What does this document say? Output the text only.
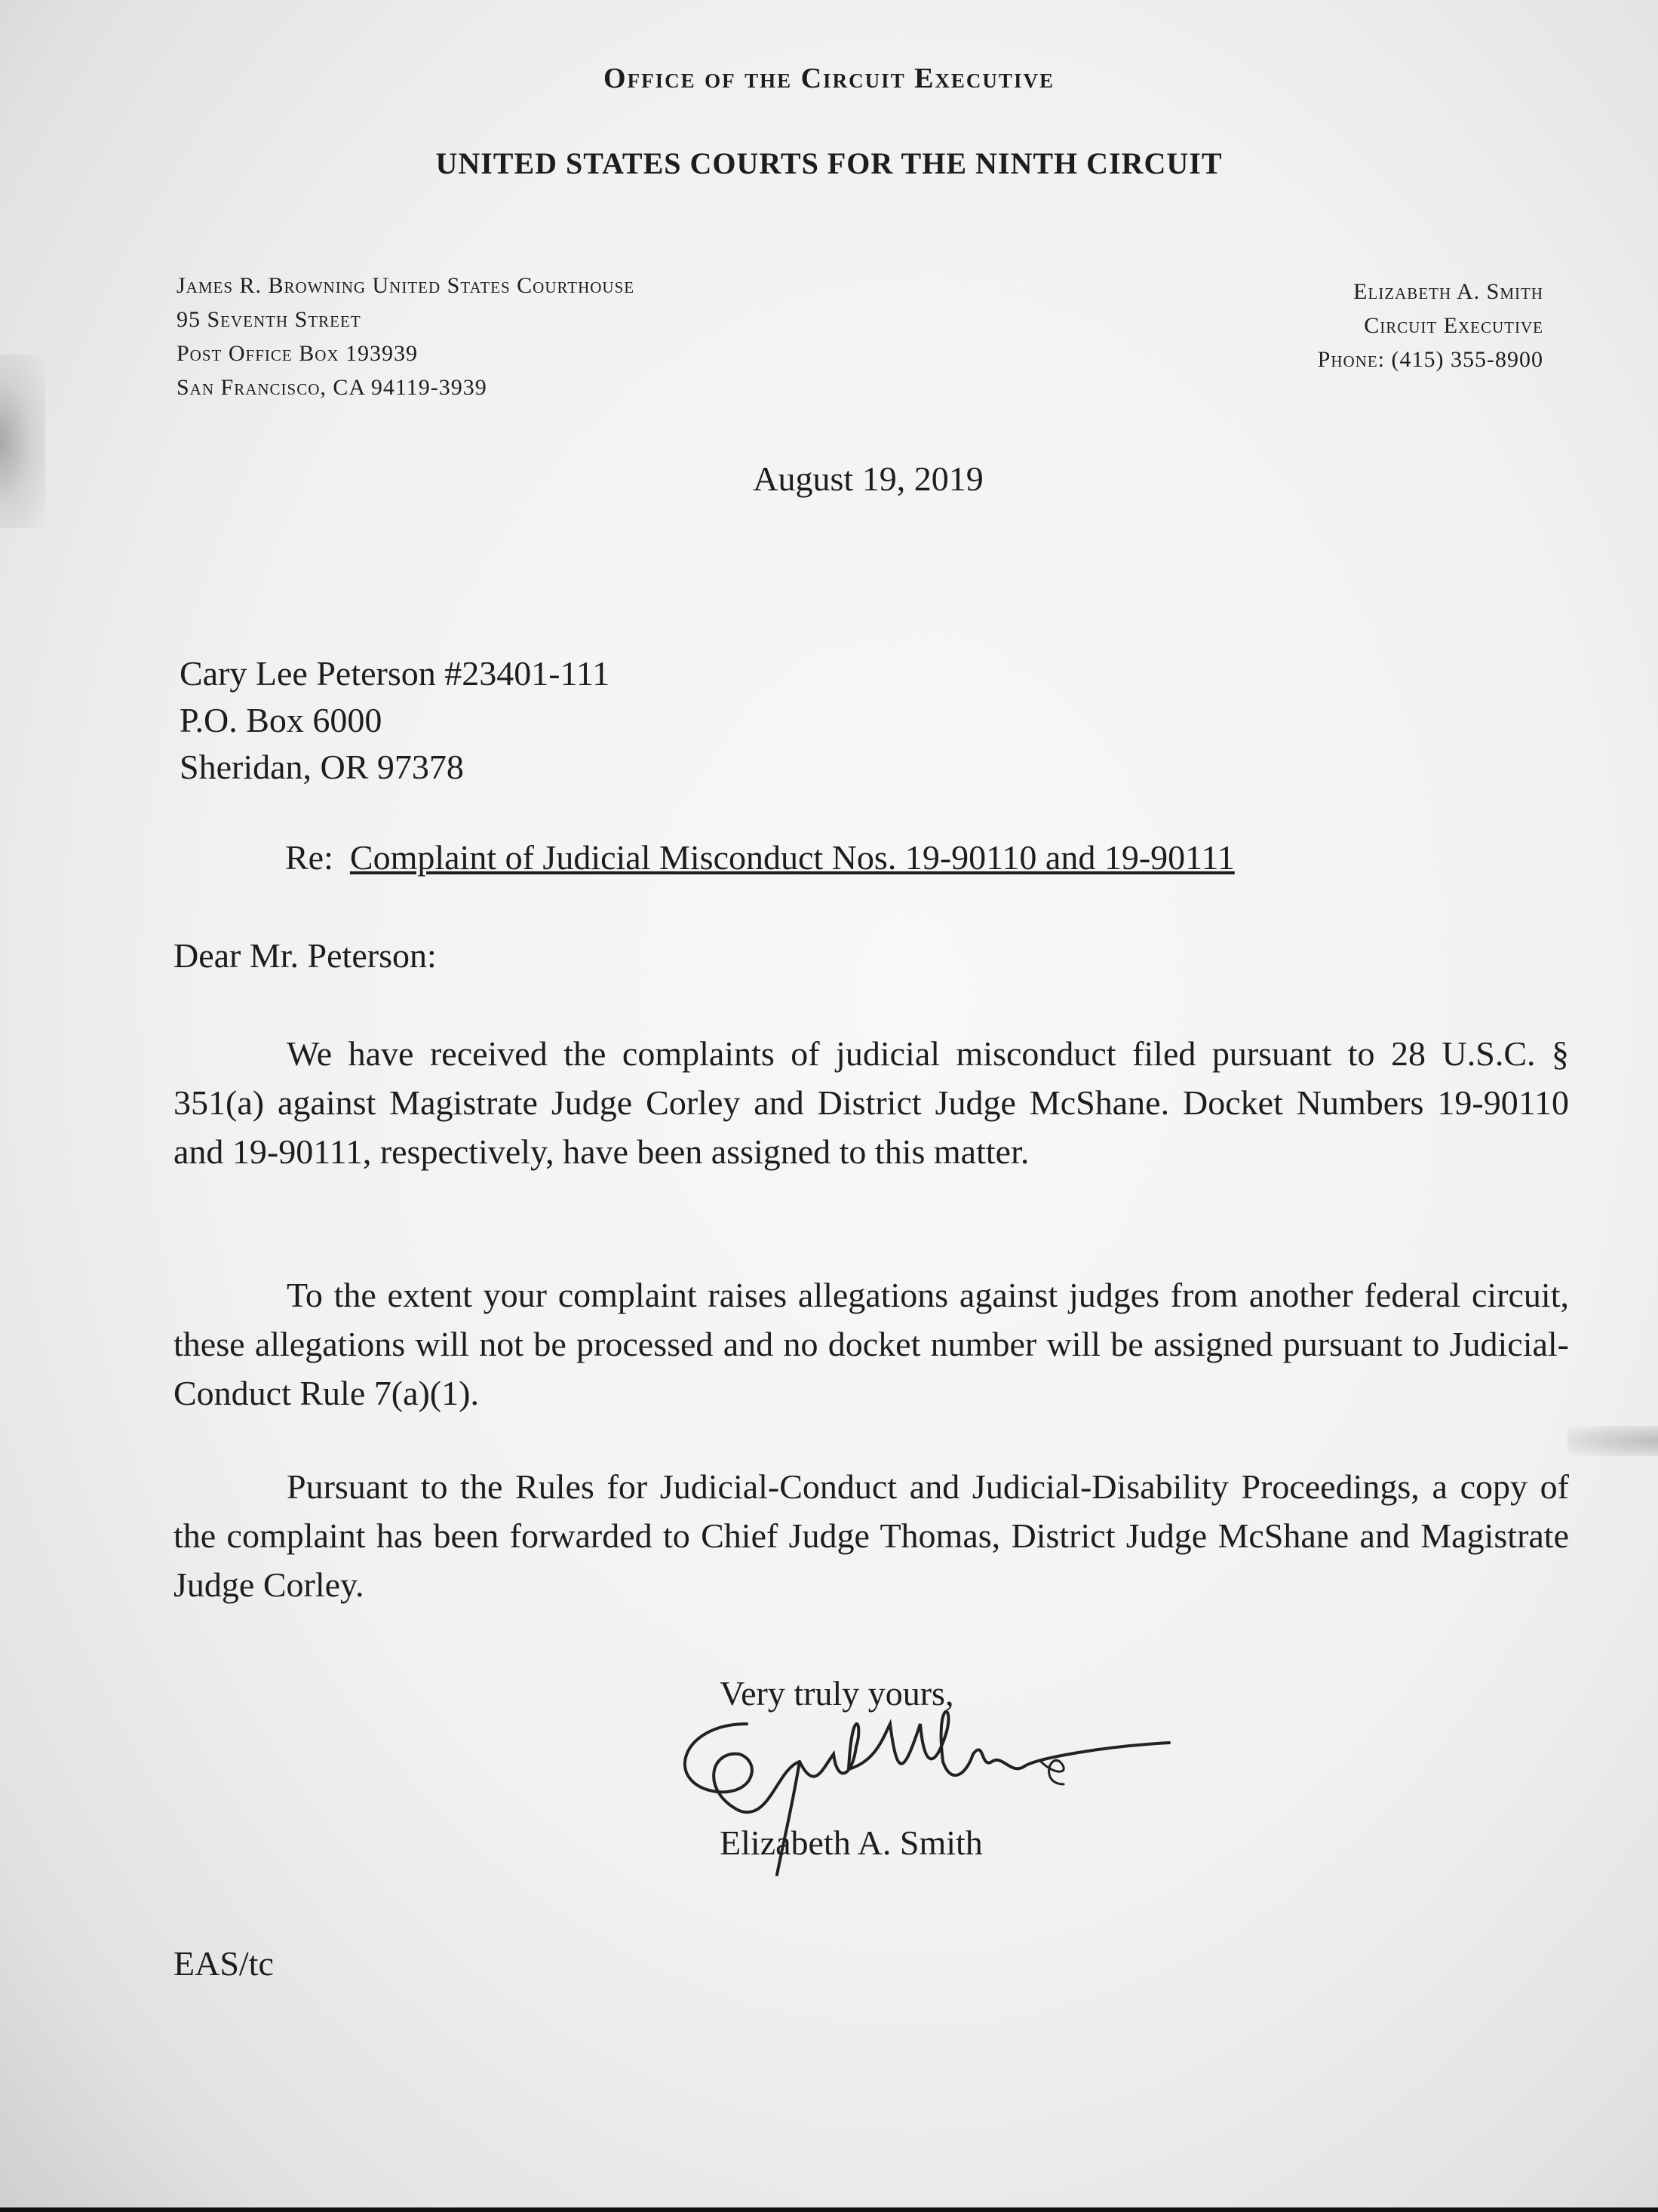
Office of the Circuit Executive
UNITED STATES COURTS FOR THE NINTH CIRCUIT
James R. Browning United States Courthouse
95 Seventh Street
Post Office Box 193939
San Francisco, CA 94119-3939
Elizabeth A. Smith
Circuit Executive
Phone: (415) 355-8900
August 19, 2019
Cary Lee Peterson #23401-111
P.O. Box 6000
Sheridan, OR 97378
Re: Complaint of Judicial Misconduct Nos. 19-90110 and 19-90111
Dear Mr. Peterson:
We have received the complaints of judicial misconduct filed pursuant to 28 U.S.C. § 351(a) against Magistrate Judge Corley and District Judge McShane. Docket Numbers 19-90110 and 19-90111, respectively, have been assigned to this matter.
To the extent your complaint raises allegations against judges from another federal circuit, these allegations will not be processed and no docket number will be assigned pursuant to Judicial-Conduct Rule 7(a)(1).
Pursuant to the Rules for Judicial-Conduct and Judicial-Disability Proceedings, a copy of the complaint has been forwarded to Chief Judge Thomas, District Judge McShane and Magistrate Judge Corley.
Very truly yours,
Elizabeth A. Smith
EAS/tc
